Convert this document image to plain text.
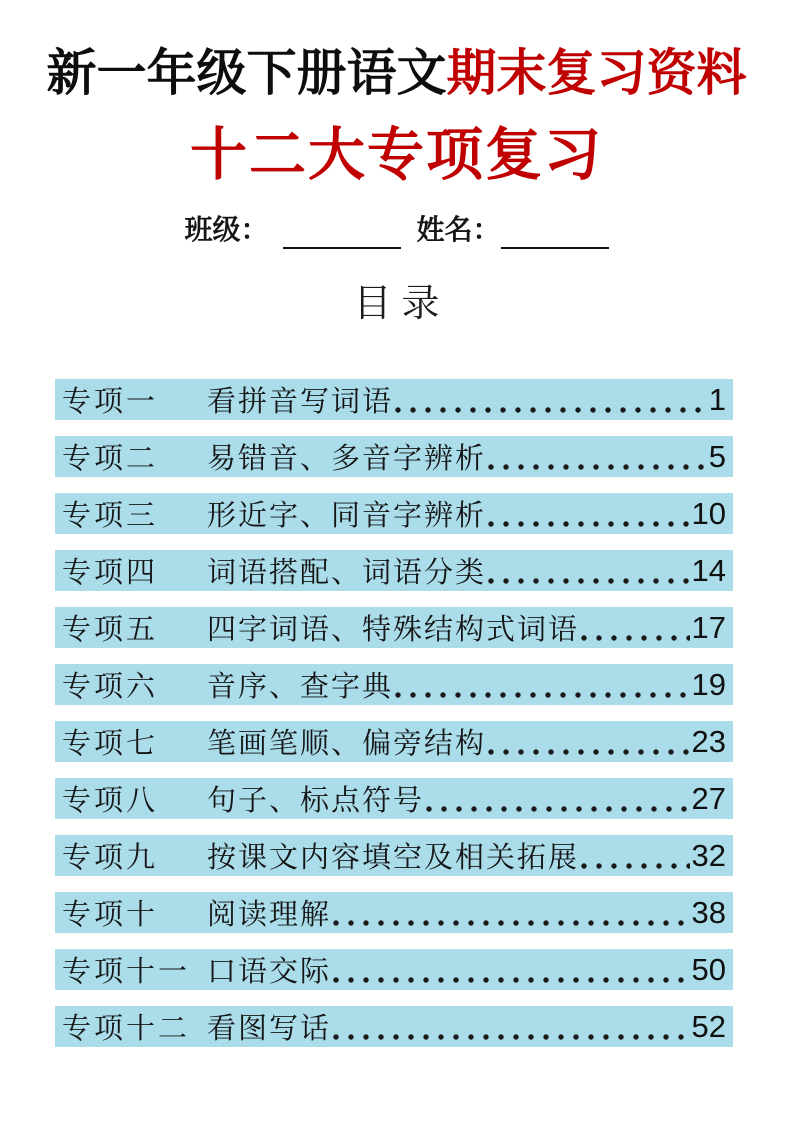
新一年级下册语文期末复习资料
十二大专项复习
班级：	姓名：
目录
专项一	看拼音写词语	1
专项二	易错音、多音字辨析	5
专项三	形近字、同音字辨析	10
专项四	词语搭配、词语分类	14
专项五	四字词语、特殊结构式词语	17
专项六	音序、查字典	19
专项七	笔画笔顺、偏旁结构	23
专项八	句子、标点符号	27
专项九	按课文内容填空及相关拓展	32
专项十	阅读理解	38
专项十一 口语交际	50
专项十二 看图写话	52
